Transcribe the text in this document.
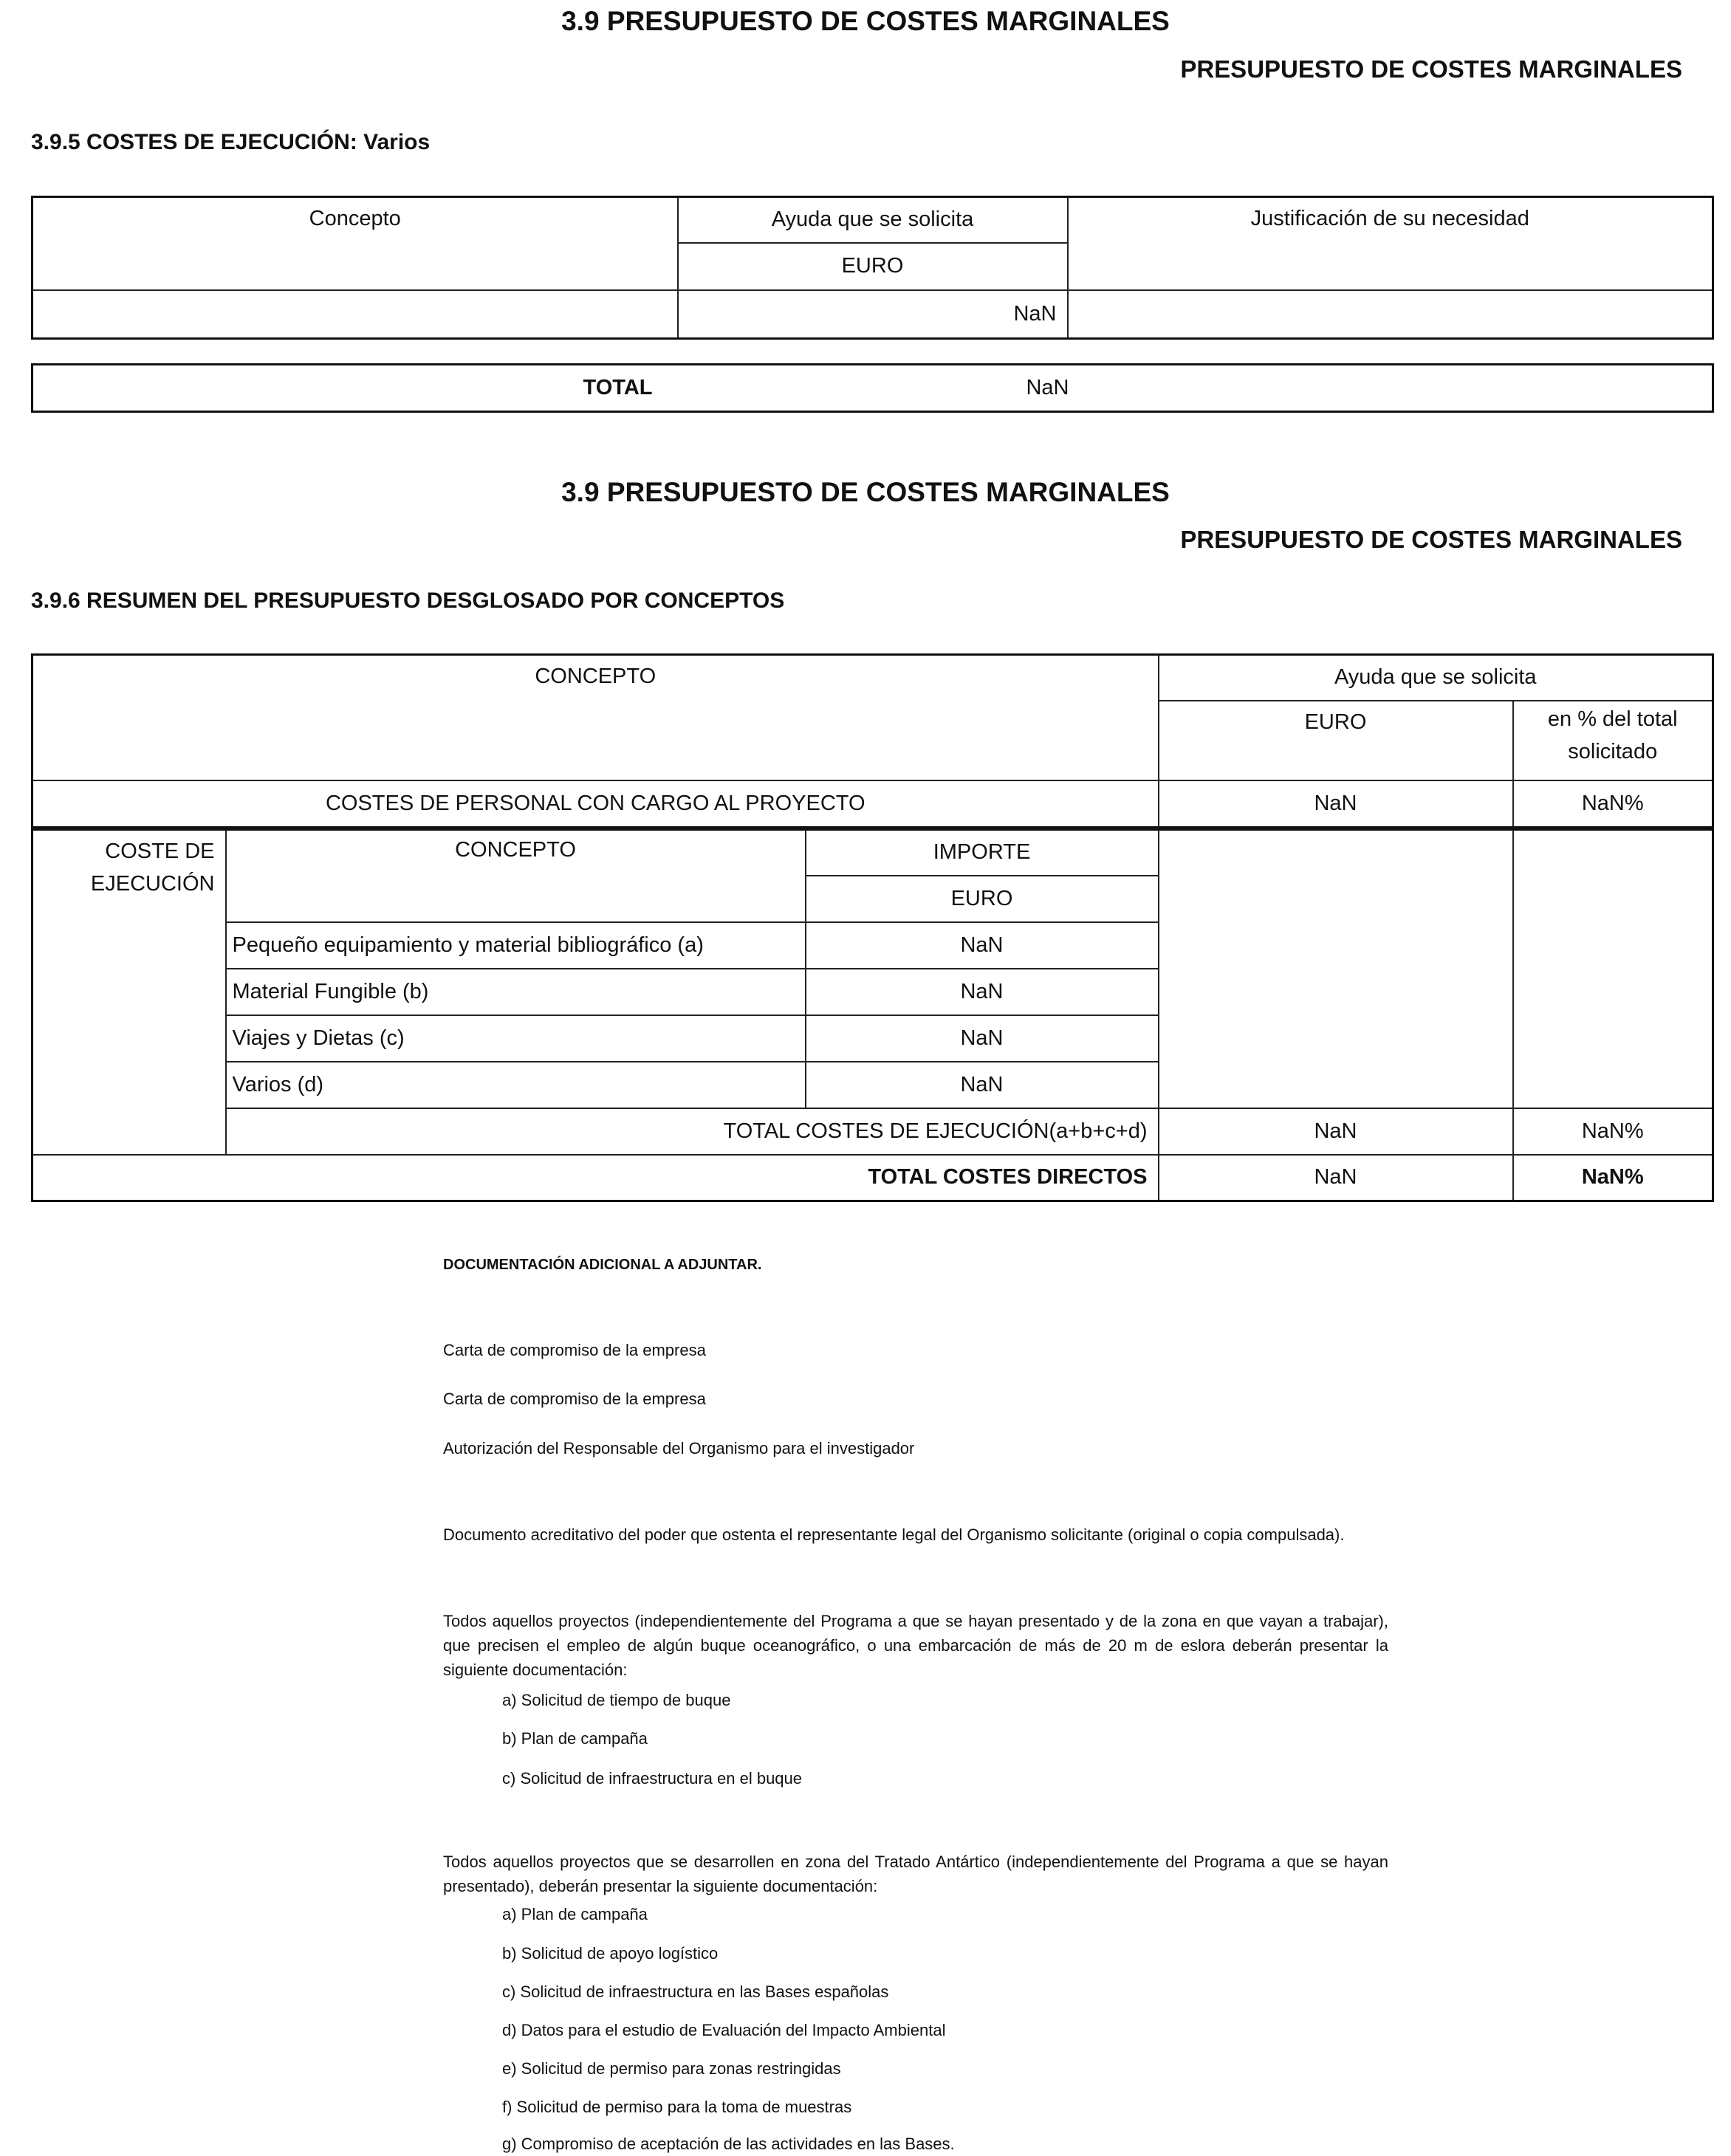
3.9 PRESUPUESTO DE COSTES MARGINALES
PRESUPUESTO DE COSTES MARGINALES
3.9.5 COSTES DE EJECUCIÓN: Varios
Concepto	Ayuda que se solicita	Justificación de su necesidad
	EURO	
	NaN	
TOTAL	NaN	
3.9 PRESUPUESTO DE COSTES MARGINALES
PRESUPUESTO DE COSTES MARGINALES
3.9.6 RESUMEN DEL PRESUPUESTO DESGLOSADO POR CONCEPTOS
CONCEPTO	Ayuda que se solicita	
	EURO	en % del total solicitado
COSTES DE PERSONAL CON CARGO AL PROYECTO	NaN	NaN%
COSTE DE EJECUCIÓN	CONCEPTO	IMPORTE		
		EURO		
	Pequeño equipamiento y material bibliográfico (a)	NaN		
	Material Fungible (b)	NaN		
	Viajes y Dietas (c)	NaN		
	Varios (d)	NaN		
	TOTAL COSTES DE EJECUCIÓN(a+b+c+d)		NaN	NaN%
TOTAL COSTES DIRECTOS			NaN	NaN%
DOCUMENTACIÓN ADICIONAL A ADJUNTAR.
Carta de compromiso de la empresa
Carta de compromiso de la empresa
Autorización del Responsable del Organismo para el investigador
Documento acreditativo del poder que ostenta el representante legal del Organismo solicitante (original o copia compulsada).
Todos aquellos proyectos (independientemente del Programa a que se hayan presentado y de la zona en que vayan a trabajar), que precisen el empleo de algún buque oceanográfico, o una embarcación de más de 20 m de eslora deberán presentar la siguiente documentación:
a) Solicitud de tiempo de buque
b) Plan de campaña
c) Solicitud de infraestructura en el buque
Todos aquellos proyectos que se desarrollen en zona del Tratado Antártico (independientemente del Programa a que se hayan presentado), deberán presentar la siguiente documentación:
a) Plan de campaña
b) Solicitud de apoyo logístico
c) Solicitud de infraestructura en las Bases españolas
d) Datos para el estudio de Evaluación del Impacto Ambiental
e) Solicitud de permiso para zonas restringidas
f) Solicitud de permiso para la toma de muestras
g) Compromiso de aceptación de las actividades en las Bases.
